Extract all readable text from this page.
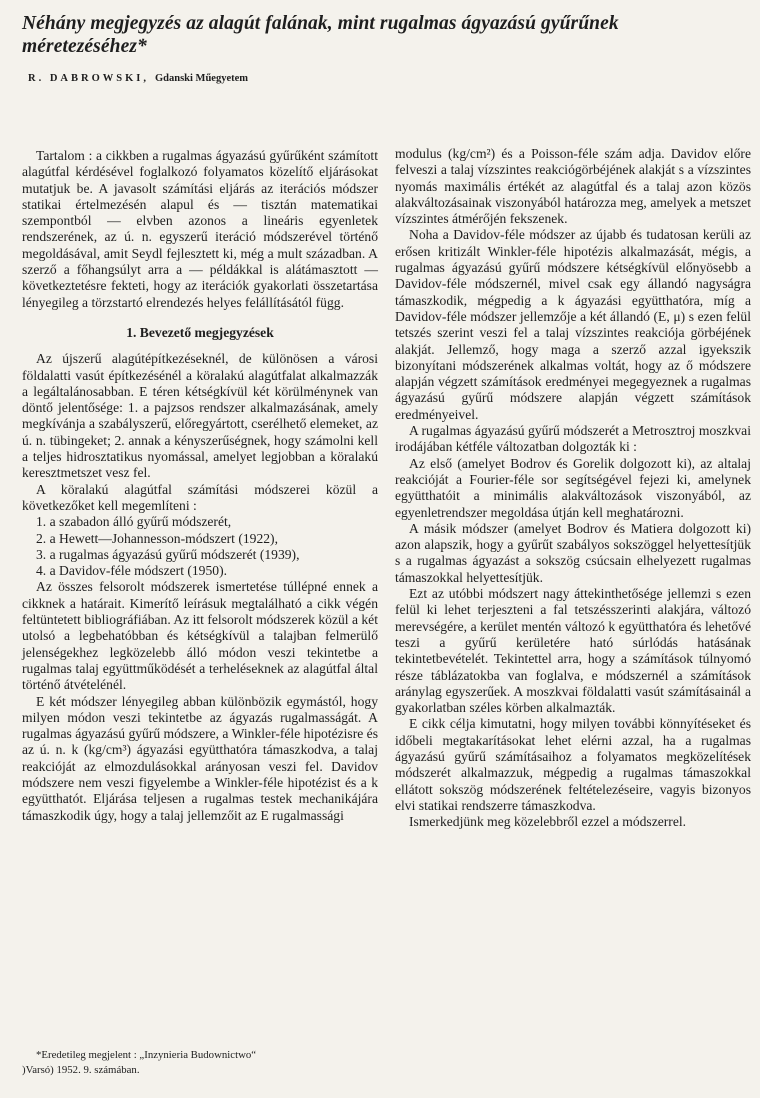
Néhány megjegyzés az alagút falának, mint rugalmas ágyazású gyűrűnek méretezéséhez*
R. DABROWSKI, Gdanski Műegyetem

Tartalom : a cikkben a rugalmas ágyazású gyűrűként számított alagútfal kérdésével foglalkozó folyamatos közelítő eljárásokat mutatjuk be. A javasolt számítási eljárás az iterációs módszer statikai értelmezésén alapul és — tisztán matematikai szempontból — elvben azonos a lineáris egyenletek rendszerének, az ú. n. egyszerű iteráció módszerével történő megoldásával, amit Seydl fejlesztett ki, még a mult században. A szerző a főhangsúlyt arra a — példákkal is alátámasztott — következtetésre fekteti, hogy az iterációk gyakorlati összetartása lényegileg a törzstartó elrendezés helyes felállításától függ.

1. Bevezető megjegyzések

Az újszerű alagútépítkezéseknél, de különösen a városi földalatti vasút építkezésénél a köralakú alagútfalat alkalmazzák a legáltalánosabban. E téren kétségkívül két körülménynek van döntő jelentősége: 1. a pajzsos rendszer alkalmazásának, amely megkívánja a szabályszerű, előregyártott, cserélhető elemeket, az ú. n. tübingeket; 2. annak a kényszerűségnek, hogy számolni kell a teljes hidrosztatikus nyomással, amelyet legjobban a köralakú keresztmetszet vesz fel.

A köralakú alagútfal számítási módszerei közül a következőket kell megemlíteni :

1. a szabadon álló gyűrű módszerét,
2. a Hewett—Johannesson-módszert (1922),
3. a rugalmas ágyazású gyűrű módszerét (1939),
4. a Davidov-féle módszert (1950).

Az összes felsorolt módszerek ismertetése túllépné ennek a cikknek a határait. Kimerítő leírásuk megtalálható a cikk végén feltüntetett bibliográfiában. Az itt felsorolt módszerek közül a két utolsó a legbehatóbban és kétségkívül a talajban felmerülő jelenségekhez legközelebb álló módon veszi tekintetbe a rugalmas talaj együttműködését a terheléseknek az alagútfal által történő átvételénél.

E két módszer lényegileg abban különbözik egymástól, hogy milyen módon veszi tekintetbe az ágyazás rugalmasságát. A rugalmas ágyazású gyűrű módszere, a Winkler-féle hipotézisre és az ú. n. k (kg/cm³) ágyazási együtthatóra támaszkodva, a talaj reakcióját az elmozdulásokkal arányosan veszi fel. Davidov módszere nem veszi figyelembe a Winkler-féle hipotézist és a k együtthatót. Eljárása teljesen a rugalmas testek mechanikájára támaszkodik úgy, hogy a talaj jellemzőit az E rugalmassági

modulus (kg/cm²) és a Poisson-féle szám adja. Davidov előre felveszi a talaj vízszintes reakciógörbéjének alakját s a vízszintes nyomás maximális értékét az alagútfal és a talaj azon közös alakváltozásainak viszonyából határozza meg, amelyek a metszet vízszintes átmérőjén fekszenek.

Noha a Davidov-féle módszer az újabb és tudatosan kerüli az erősen kritizált Winkler-féle hipotézis alkalmazását, mégis, a rugalmas ágyazású gyűrű módszere kétségkívül előnyösebb a Davidov-féle módszernél, mivel csak egy állandó nagyságra támaszkodik, mégpedig a k ágyazási együtthatóra, míg a Davidov-féle módszer jellemzője a két állandó (E, μ) s ezen felül tetszés szerint veszi fel a talaj vízszintes reakciója görbéjének alakját. Jellemző, hogy maga a szerző azzal igyekszik bizonyítani módszerének alkalmas voltát, hogy az ő módszere alapján végzett számítások eredményei megegyeznek a rugalmas ágyazású gyűrű módszere alapján végzett számítások eredményeivel.

A rugalmas ágyazású gyűrű módszerét a Metrosztroj moszkvai irodájában kétféle változatban dolgozták ki :

Az első (amelyet Bodrov és Gorelik dolgozott ki), az altalaj reakcióját a Fourier-féle sor segítségével fejezi ki, amelynek együtthatóit a minimális alakváltozások viszonyából, az egyenletrendszer megoldása útján kell meghatározni.

A másik módszer (amelyet Bodrov és Matiera dolgozott ki) azon alapszik, hogy a gyűrűt szabályos sokszöggel helyettesítjük s a rugalmas ágyazást a sokszög csúcsain elhelyezett rugalmas támaszokkal helyettesítjük.

Ezt az utóbbi módszert nagy áttekinthetősége jellemzi s ezen felül ki lehet terjeszteni a fal tetszésszerinti alakjára, változó merevségére, a kerület mentén változó k együtthatóra és lehetővé teszi a gyűrű kerületére ható súrlódás hatásának tekintetbevételét. Tekintettel arra, hogy a számítások túlnyomó része táblázatokba van foglalva, e módszernél a számítások aránylag egyszerűek. A moszkvai földalatti vasút számításainál a gyakorlatban széles körben alkalmazták.

E cikk célja kimutatni, hogy milyen további könnyítéseket és időbeli megtakarításokat lehet elérni azzal, ha a rugalmas ágyazású gyűrű számításaihoz a folyamatos megközelítések módszerét alkalmazzuk, mégpedig a rugalmas támaszokkal ellátott sokszög módszerének feltételezéseire, vagyis bizonyos elvi statikai rendszerre támaszkodva.

Ismerkedjünk meg közelebbről ezzel a módszerrel.

*Eredetileg megjelent : „Inzynieria Budownictwo“

)Varsó) 1952. 9. számában.
